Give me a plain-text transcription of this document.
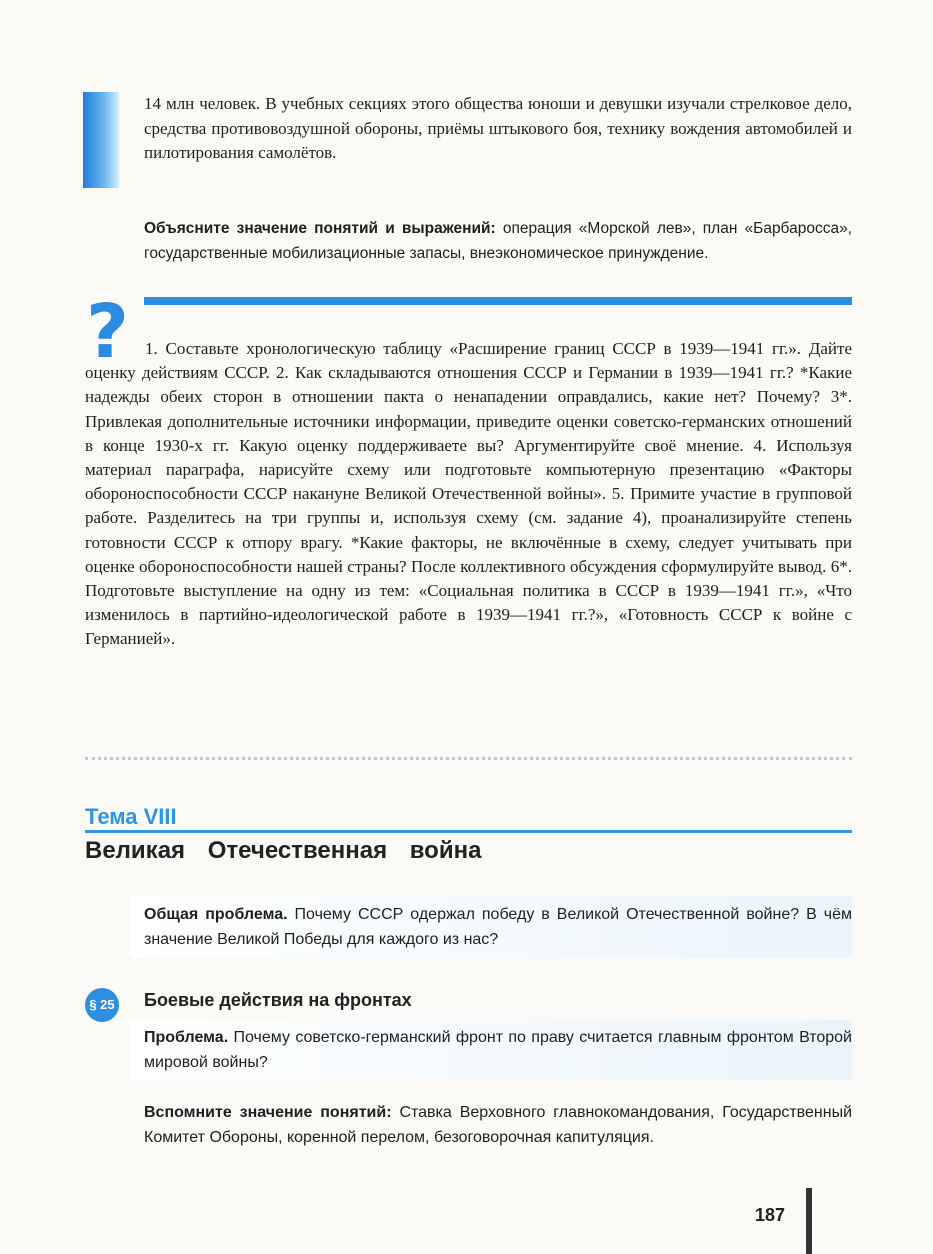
14 млн человек. В учебных секциях этого общества юноши и девушки изучали стрелковое дело, средства противовоздушной обороны, приёмы штыкового боя, технику вождения автомобилей и пилотирования самолётов.

Объясните значение понятий и выражений: операция «Морской лев», план «Барбаросса», государственные мобилизационные запасы, внеэкономическое принуждение.

? 1. Составьте хронологическую таблицу «Расширение границ СССР в 1939—1941 гг.». Дайте оценку действиям СССР. 2. Как складываются отношения СССР и Германии в 1939—1941 гг.? *Какие надежды обеих сторон в отношении пакта о ненападении оправдались, какие нет? Почему? 3*. Привлекая дополнительные источники информации, приведите оценки советско-германских отношений в конце 1930-х гг. Какую оценку поддерживаете вы? Аргументируйте своё мнение. 4. Используя материал параграфа, нарисуйте схему или подготовьте компьютерную презентацию «Факторы обороноспособности СССР накануне Великой Отечественной войны». 5. Примите участие в групповой работе. Разделитесь на три группы и, используя схему (см. задание 4), проанализируйте степень готовности СССР к отпору врагу. *Какие факторы, не включённые в схему, следует учитывать при оценке обороноспособности нашей страны? После коллективного обсуждения сформулируйте вывод. 6*. Подготовьте выступление на одну из тем: «Социальная политика в СССР в 1939—1941 гг.», «Что изменилось в партийно-идеологической работе в 1939—1941 гг.?», «Готовность СССР к войне с Германией».

Тема VIII
Великая Отечественная война

Общая проблема. Почему СССР одержал победу в Великой Отечественной войне? В чём значение Великой Победы для каждого из нас?

§ 25 Боевые действия на фронтах

Проблема. Почему советско-германский фронт по праву считается главным фронтом Второй мировой войны?

Вспомните значение понятий: Ставка Верховного главнокомандования, Государственный Комитет Обороны, коренной перелом, безоговорочная капитуляция.

187
